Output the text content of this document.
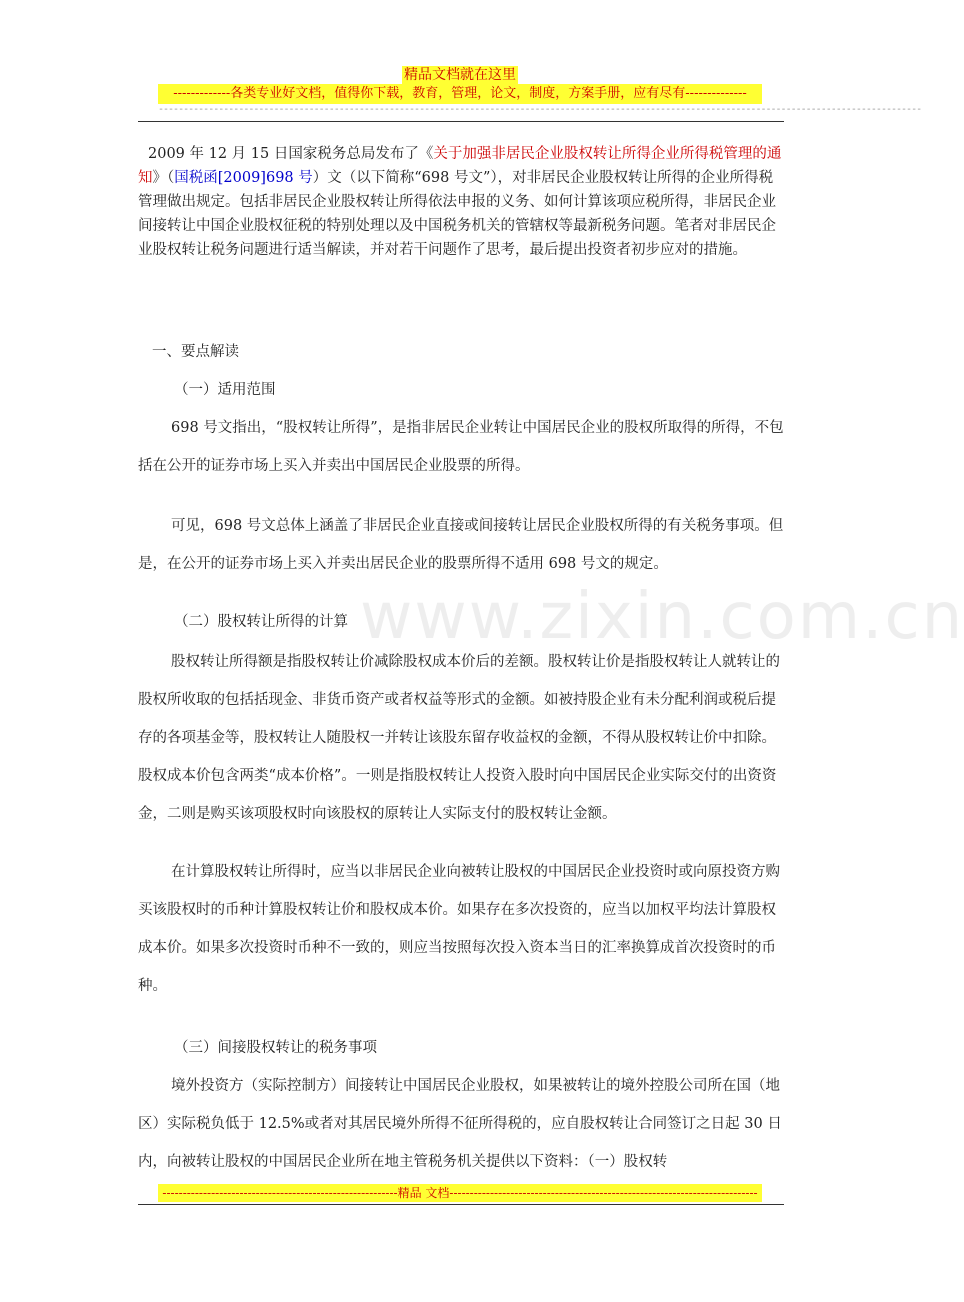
精品文档就在这里
-------------各类专业好文档，值得你下载，教育，管理，论文，制度，方案手册，应有尽有--------------
--------------------------------------------------------------------------------------------------------------------------------------------------------
www.zixin.com.cn

2009 年 12 月 15 日国家税务总局发布了《关于加强非居民企业股权转让所得企业所得税管理的通知》（国税函[2009]698 号）文（以下简称“698 号文”），对非居民企业股权转让所得的企业所得税管理做出规定。包括非居民企业股权转让所得依法申报的义务、如何计算该项应税所得，非居民企业间接转让中国企业股权征税的特别处理以及中国税务机关的管辖权等最新税务问题。笔者对非居民企业股权转让税务问题进行适当解读，并对若干问题作了思考，最后提出投资者初步应对的措施。

一、要点解读

（一）适用范围

698 号文指出，“股权转让所得”，是指非居民企业转让中国居民企业的股权所取得的所得，不包括在公开的证券市场上买入并卖出中国居民企业股票的所得。

可见，698 号文总体上涵盖了非居民企业直接或间接转让居民企业股权所得的有关税务事项。但是，在公开的证券市场上买入并卖出居民企业的股票所得不适用 698 号文的规定。

（二）股权转让所得的计算

股权转让所得额是指股权转让价减除股权成本价后的差额。股权转让价是指股权转让人就转让的股权所收取的包括括现金、非货币资产或者权益等形式的金额。如被持股企业有未分配利润或税后提存的各项基金等，股权转让人随股权一并转让该股东留存收益权的金额，不得从股权转让价中扣除。股权成本价包含两类“成本价格”。一则是指股权转让人投资入股时向中国居民企业实际交付的出资资金，二则是购买该项股权时向该股权的原转让人实际支付的股权转让金额。

在计算股权转让所得时，应当以非居民企业向被转让股权的中国居民企业投资时或向原投资方购买该股权时的币种计算股权转让价和股权成本价。如果存在多次投资的，应当以加权平均法计算股权成本价。如果多次投资时币种不一致的，则应当按照每次投入资本当日的汇率换算成首次投资时的币种。

（三）间接股权转让的税务事项

境外投资方（实际控制方）间接转让中国居民企业股权，如果被转让的境外控股公司所在国（地区）实际税负低于 12.5%或者对其居民境外所得不征所得税的，应自股权转让合同签订之日起 30 日内，向被转让股权的中国居民企业所在地主管税务机关提供以下资料：（一）股权转

----------------------------------------------------------精品 文档----------------------------------------------------------------------------
